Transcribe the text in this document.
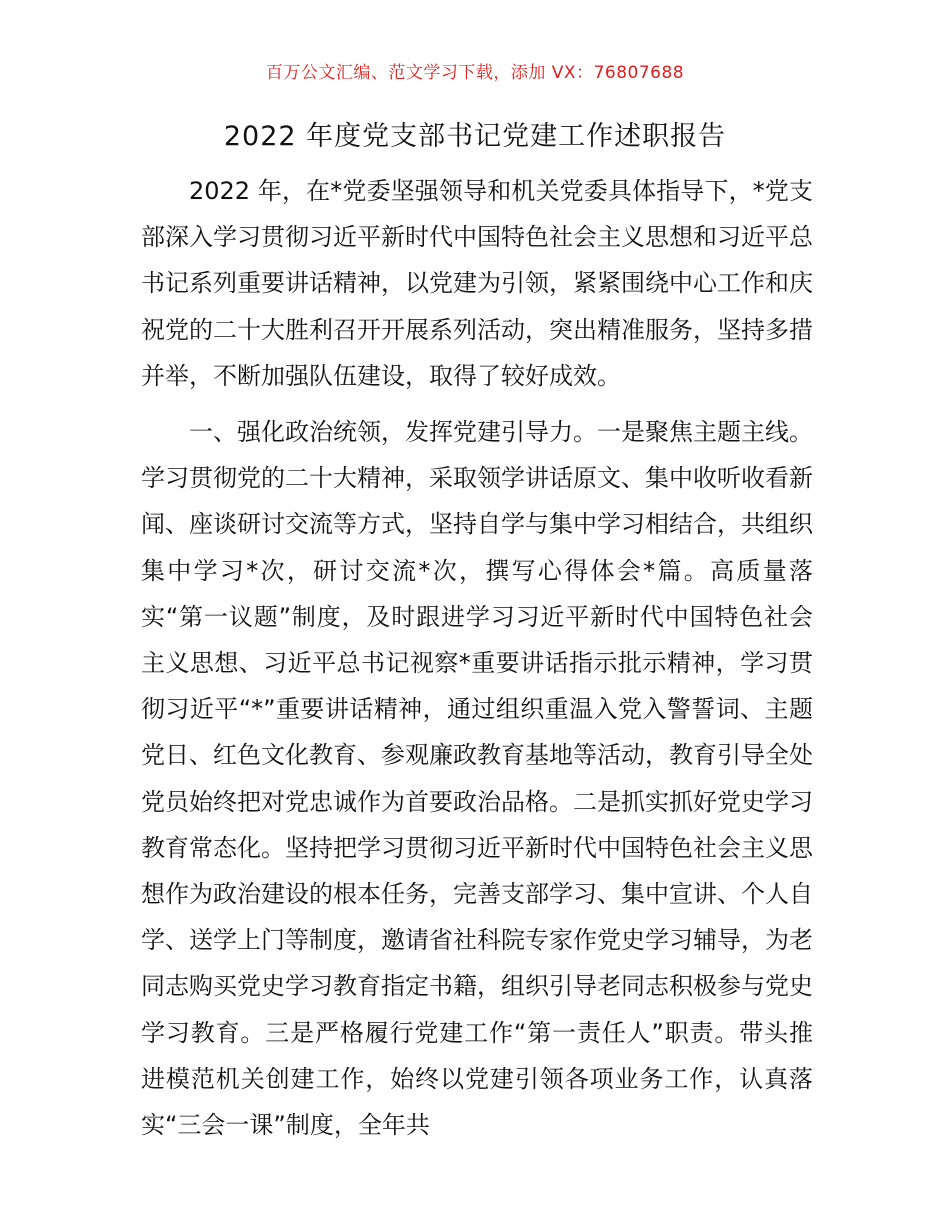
百万公文汇编、范文学习下载，添加 VX：76807688
2022 年度党支部书记党建工作述职报告

2022 年，在*党委坚强领导和机关党委具体指导下，*党支部深入学习贯彻习近平新时代中国特色社会主义思想和习近平总书记系列重要讲话精神，以党建为引领，紧紧围绕中心工作和庆祝党的二十大胜利召开开展系列活动，突出精准服务，坚持多措并举，不断加强队伍建设，取得了较好成效。

一、强化政治统领，发挥党建引导力。一是聚焦主题主线。学习贯彻党的二十大精神，采取领学讲话原文、集中收听收看新闻、座谈研讨交流等方式，坚持自学与集中学习相结合，共组织集中学习*次，研讨交流*次，撰写心得体会*篇。高质量落实“第一议题”制度，及时跟进学习习近平新时代中国特色社会主义思想、习近平总书记视察*重要讲话指示批示精神，学习贯彻习近平“*”重要讲话精神，通过组织重温入党入警誓词、主题党日、红色文化教育、参观廉政教育基地等活动，教育引导全处党员始终把对党忠诚作为首要政治品格。二是抓实抓好党史学习教育常态化。坚持把学习贯彻习近平新时代中国特色社会主义思想作为政治建设的根本任务，完善支部学习、集中宣讲、个人自学、送学上门等制度，邀请省社科院专家作党史学习辅导，为老同志购买党史学习教育指定书籍，组织引导老同志积极参与党史学习教育。三是严格履行党建工作“第一责任人”职责。带头推进模范机关创建工作，始终以党建引领各项业务工作，认真落实“三会一课”制度，全年共
